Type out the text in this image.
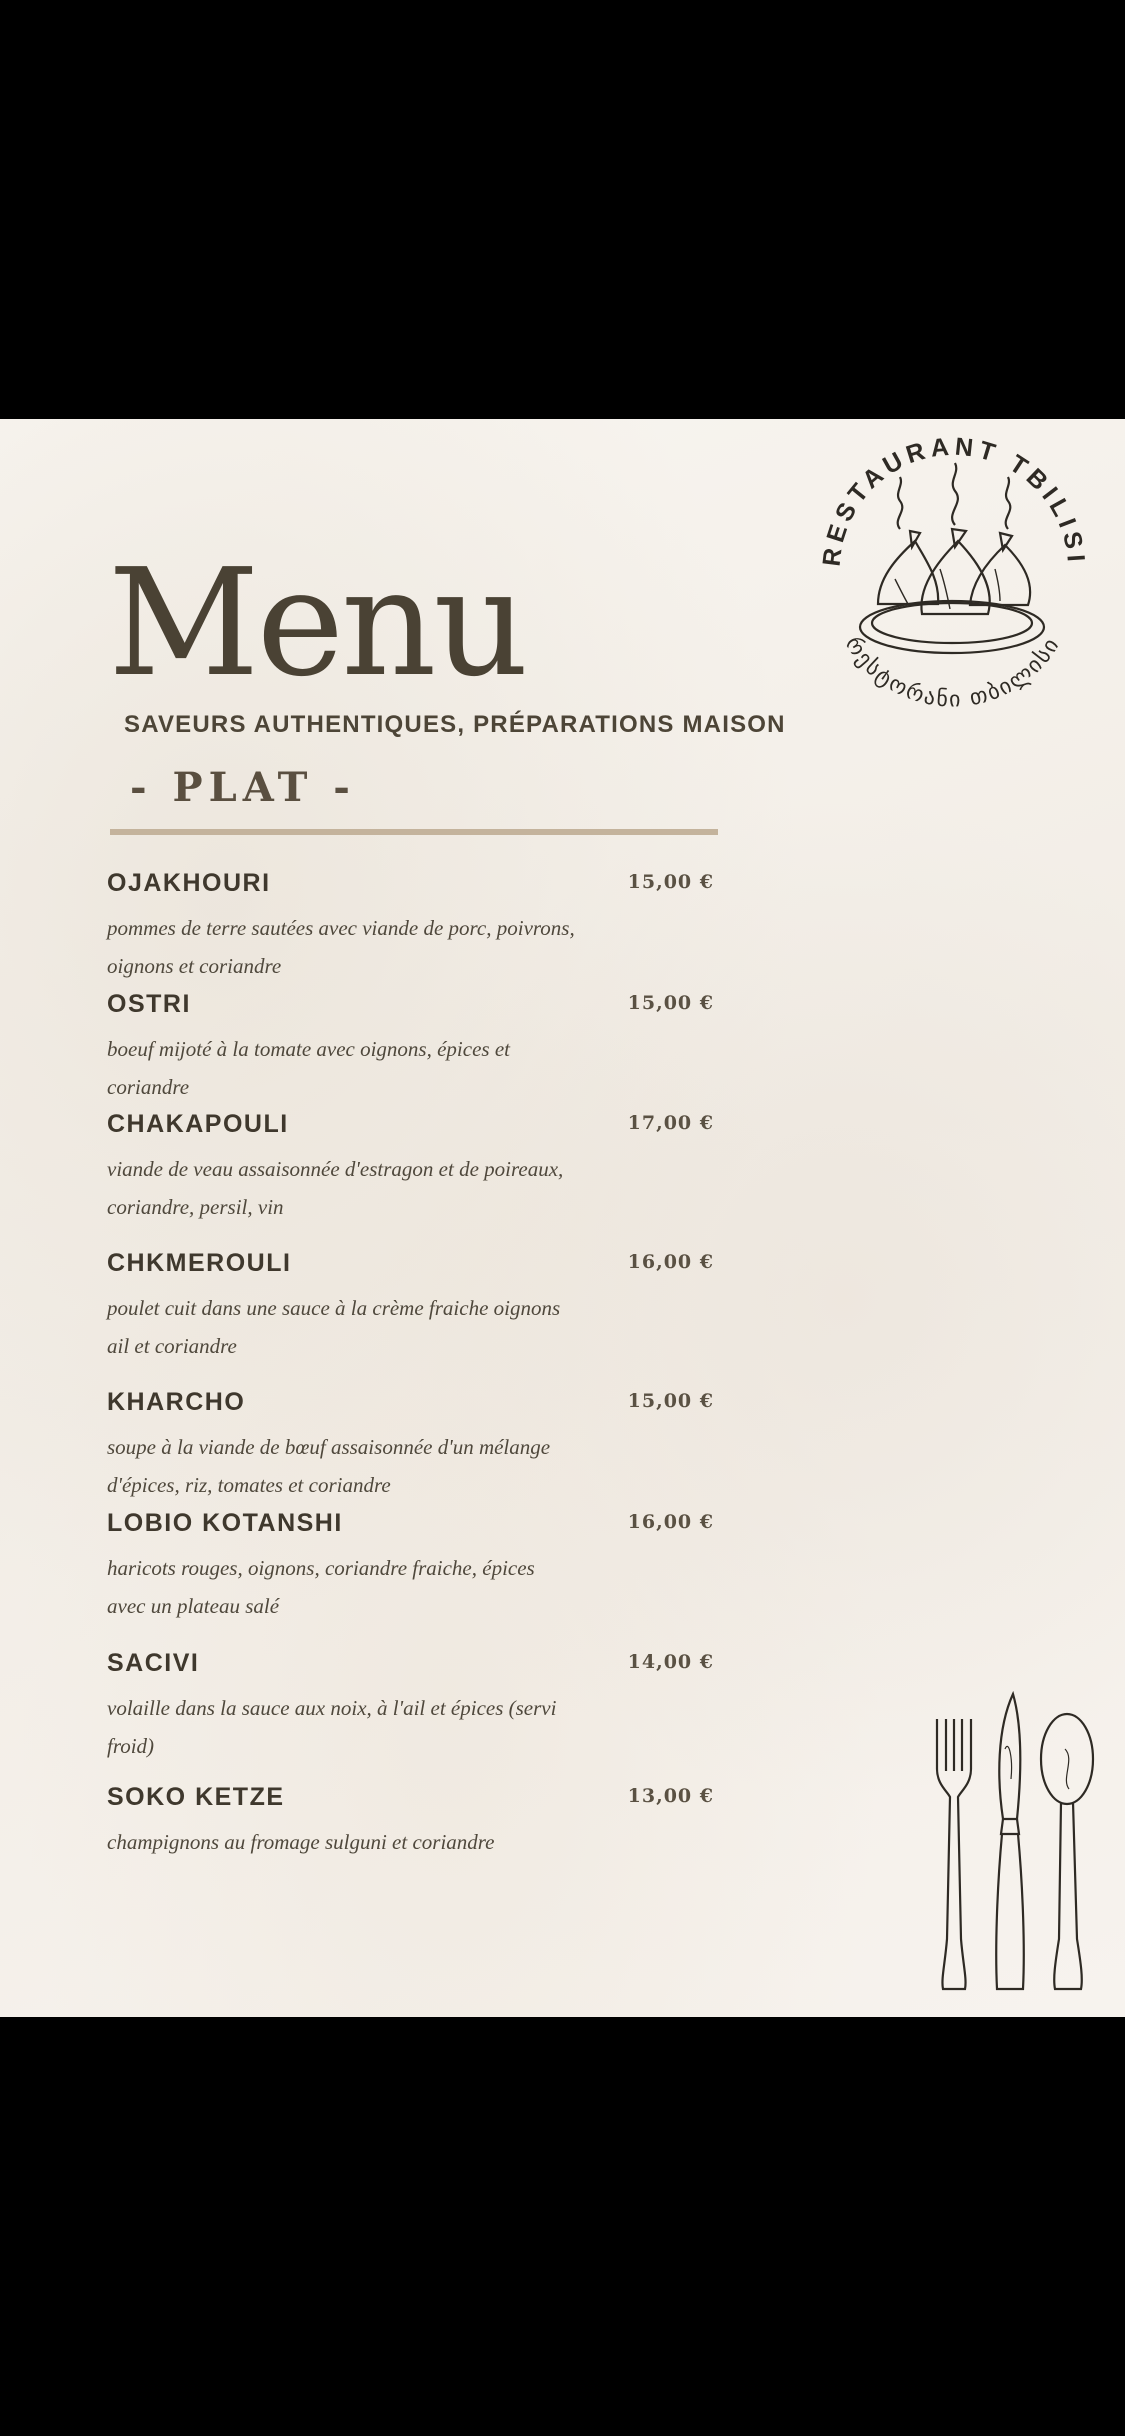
RESTAURANT TBILISI
რესტორანი თბილისი
Menu
SAVEURS AUTHENTIQUES, PRÉPARATIONS MAISON
- PLAT -
OJAKHOURI	15,00 €
pommes de terre sautées avec viande de porc, poivrons, oignons et coriandre
OSTRI	15,00 €
boeuf mijoté à la tomate avec oignons, épices et coriandre
CHAKAPOULI	17,00 €
viande de veau assaisonnée d'estragon et de poireaux, coriandre, persil, vin
CHKMEROULI	16,00 €
poulet cuit dans une sauce à la crème fraiche oignons ail et coriandre
KHARCHO	15,00 €
soupe à la viande de bœuf assaisonnée d'un mélange d'épices, riz, tomates et coriandre
LOBIO KOTANSHI	16,00 €
haricots rouges, oignons, coriandre fraiche, épices avec un plateau salé
SACIVI	14,00 €
volaille dans la sauce aux noix, à l'ail et épices (servi froid)
SOKO KETZE	13,00 €
champignons au fromage sulguni et coriandre
